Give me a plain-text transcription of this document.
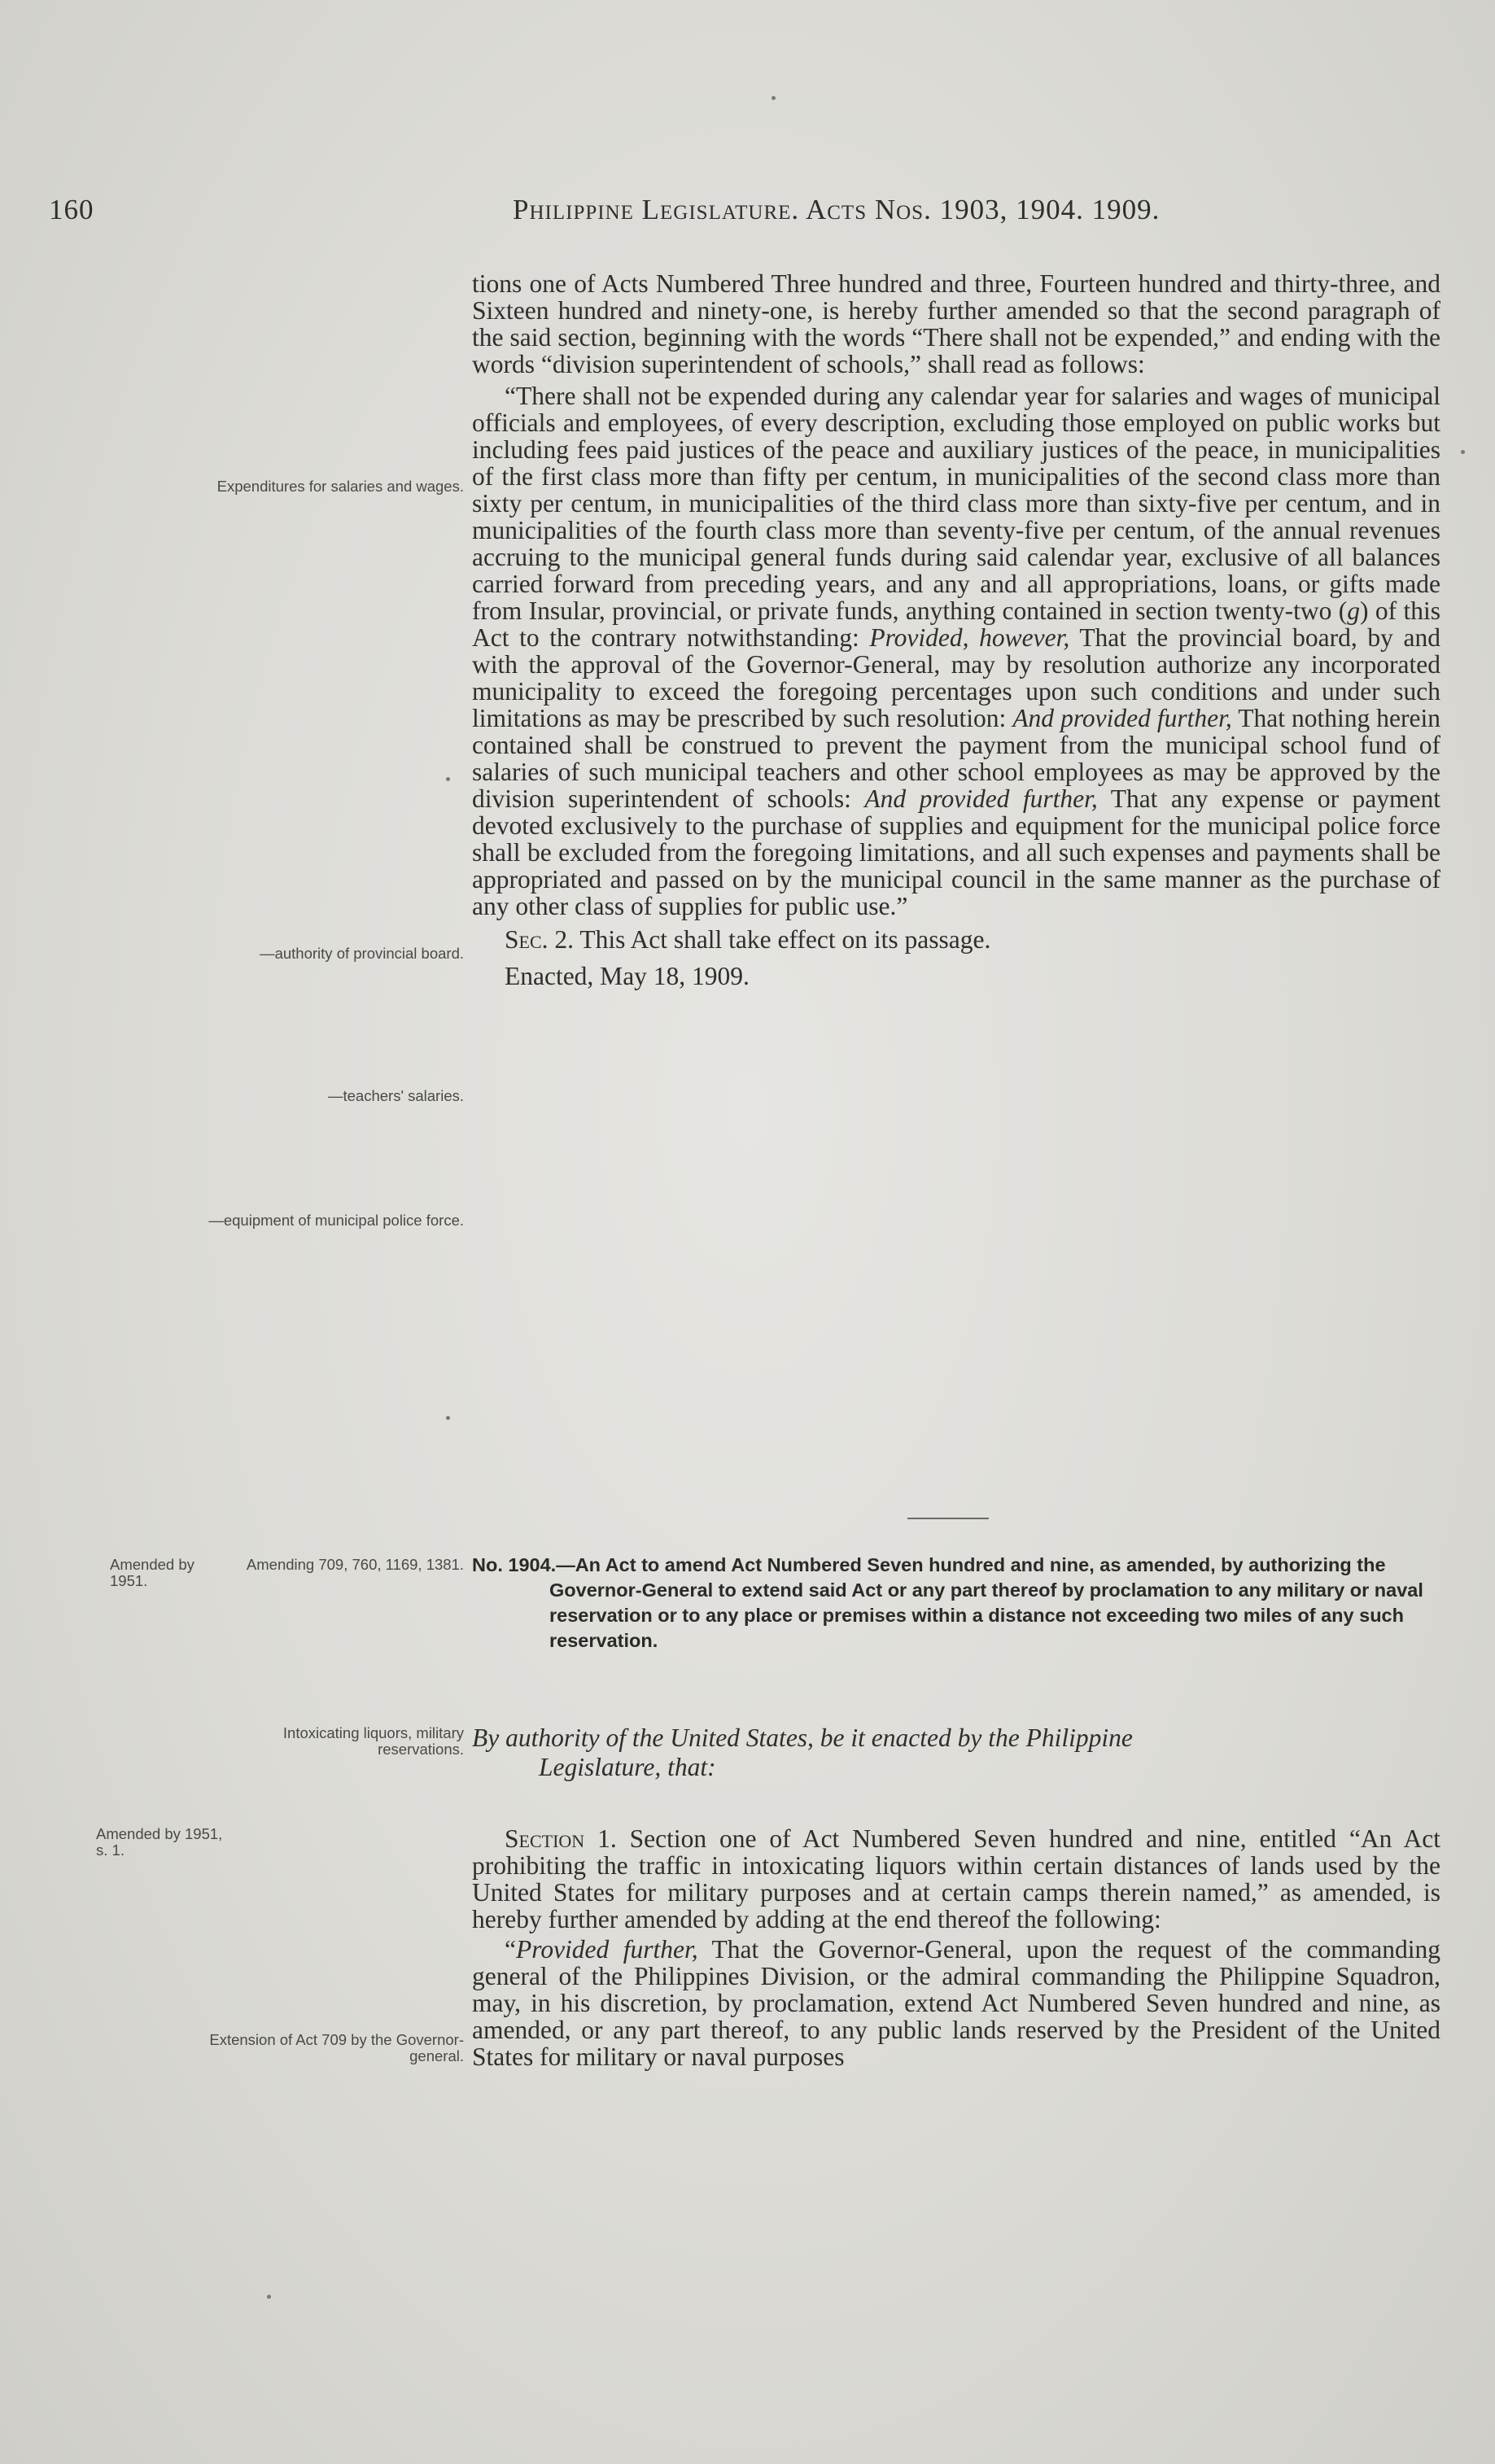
160	Philippine Legislature. Acts Nos. 1903, 1904. 1909.

tions one of Acts Numbered Three hundred and three, Fourteen hundred and thirty-three, and Sixteen hundred and ninety-one, is hereby further amended so that the second paragraph of the said section, beginning with the words “There shall not be expended,” and ending with the words “division superintendent of schools,” shall read as follows:

“There shall not be expended during any calendar year for salaries and wages of municipal officials and employees, of every description, excluding those employed on public works but including fees paid justices of the peace and auxiliary justices of the peace, in municipalities of the first class more than fifty per centum, in municipalities of the second class more than sixty per centum, in municipalities of the third class more than sixty-five per centum, and in municipalities of the fourth class more than seventy-five per centum, of the annual revenues accruing to the municipal general funds during said calendar year, exclusive of all balances carried forward from preceding years, and any and all appropriations, loans, or gifts made from Insular, provincial, or private funds, anything contained in section twenty-two (g) of this Act to the contrary notwithstanding: Provided, however, That the provincial board, by and with the approval of the Governor-General, may by resolution authorize any incorporated municipality to exceed the foregoing percentages upon such conditions and under such limitations as may be prescribed by such resolution: And provided further, That nothing herein contained shall be construed to prevent the payment from the municipal school fund of salaries of such municipal teachers and other school employees as may be approved by the division superintendent of schools: And provided further, That any expense or payment devoted exclusively to the purchase of supplies and equipment for the municipal police force shall be excluded from the foregoing limitations, and all such expenses and payments shall be appropriated and passed on by the municipal council in the same manner as the purchase of any other class of supplies for public use.”

Sec. 2. This Act shall take effect on its passage.

Enacted, May 18, 1909.

Expenditures for salaries and wages.
—authority of provincial board.
—teachers' salaries.
—equipment of municipal police force.
Amended by 1951.
Amending 709, 760, 1169, 1381. No. 1904.—An Act to amend Act Numbered Seven hundred and nine, as amended, by authorizing the Governor-General to extend said Act or any part thereof by proclamation to any military or naval reservation or to any place or premises within a distance not exceeding two miles of any such reservation.
Intoxicating liquors, military reservations. By authority of the United States, be it enacted by the Philippine
Legislature, that:
Amended by 1951, s. 1.	Section 1. Section one of Act Numbered Seven hundred and nine, entitled “An Act prohibiting the traffic in intoxicating liquors within certain distances of lands used by the United States for military purposes and at certain camps therein named,” as amended, is hereby further amended by adding at the end thereof the following:

“Provided further, That the Governor-General, upon the request of the commanding general of the Philippines Division, or the admiral commanding the Philippine Squadron, may, in his discretion, by proclamation, extend Act Numbered Seven hundred and nine, as amended, or any part thereof, to any public lands reserved by the President of the United States for military or naval purposes

Extension of Act 709 by the Governor-general.
